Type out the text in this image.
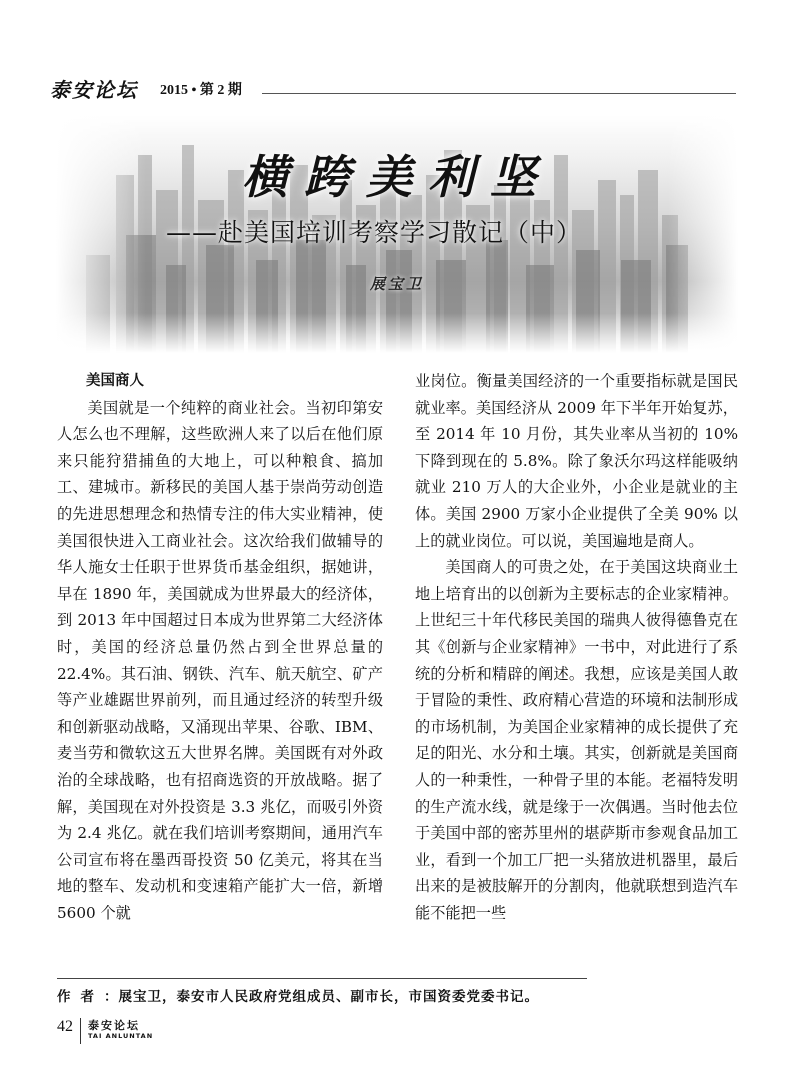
泰安论坛 2015 • 第 2 期
横跨美利坚
——赴美国培训考察学习散记（中）
展宝卫

美国商人

美国就是一个纯粹的商业社会。当初印第安人怎么也不理解，这些欧洲人来了以后在他们原来只能狩猎捕鱼的大地上，可以种粮食、搞加工、建城市。新移民的美国人基于崇尚劳动创造的先进思想理念和热情专注的伟大实业精神，使美国很快进入工商业社会。这次给我们做辅导的华人施女士任职于世界货币基金组织，据她讲，早在 1890 年，美国就成为世界最大的经济体，到 2013 年中国超过日本成为世界第二大经济体时，美国的经济总量仍然占到全世界总量的 22.4%。其石油、钢铁、汽车、航天航空、矿产等产业雄踞世界前列，而且通过经济的转型升级和创新驱动战略，又涌现出苹果、谷歌、IBM、麦当劳和微软这五大世界名牌。美国既有对外政治的全球战略，也有招商选资的开放战略。据了解，美国现在对外投资是 3.3 兆亿，而吸引外资为 2.4 兆亿。就在我们培训考察期间，通用汽车公司宣布将在墨西哥投资 50 亿美元，将其在当地的整车、发动机和变速箱产能扩大一倍，新增 5600 个就

业岗位。衡量美国经济的一个重要指标就是国民就业率。美国经济从 2009 年下半年开始复苏，至 2014 年 10 月份，其失业率从当初的 10% 下降到现在的 5.8%。除了象沃尔玛这样能吸纳就业 210 万人的大企业外，小企业是就业的主体。美国 2900 万家小企业提供了全美 90% 以上的就业岗位。可以说，美国遍地是商人。

美国商人的可贵之处，在于美国这块商业土地上培育出的以创新为主要标志的企业家精神。上世纪三十年代移民美国的瑞典人彼得德鲁克在其《创新与企业家精神》一书中，对此进行了系统的分析和精辟的阐述。我想，应该是美国人敢于冒险的秉性、政府精心营造的环境和法制形成的市场机制，为美国企业家精神的成长提供了充足的阳光、水分和土壤。其实，创新就是美国商人的一种秉性，一种骨子里的本能。老福特发明的生产流水线，就是缘于一次偶遇。当时他去位于美国中部的密苏里州的堪萨斯市参观食品加工业，看到一个加工厂把一头猪放进机器里，最后出来的是被肢解开的分割肉，他就联想到造汽车能不能把一些

作者：展宝卫，泰安市人民政府党组成员、副市长，市国资委党委书记。
42 泰安论坛
TAI ANLUNTAN
